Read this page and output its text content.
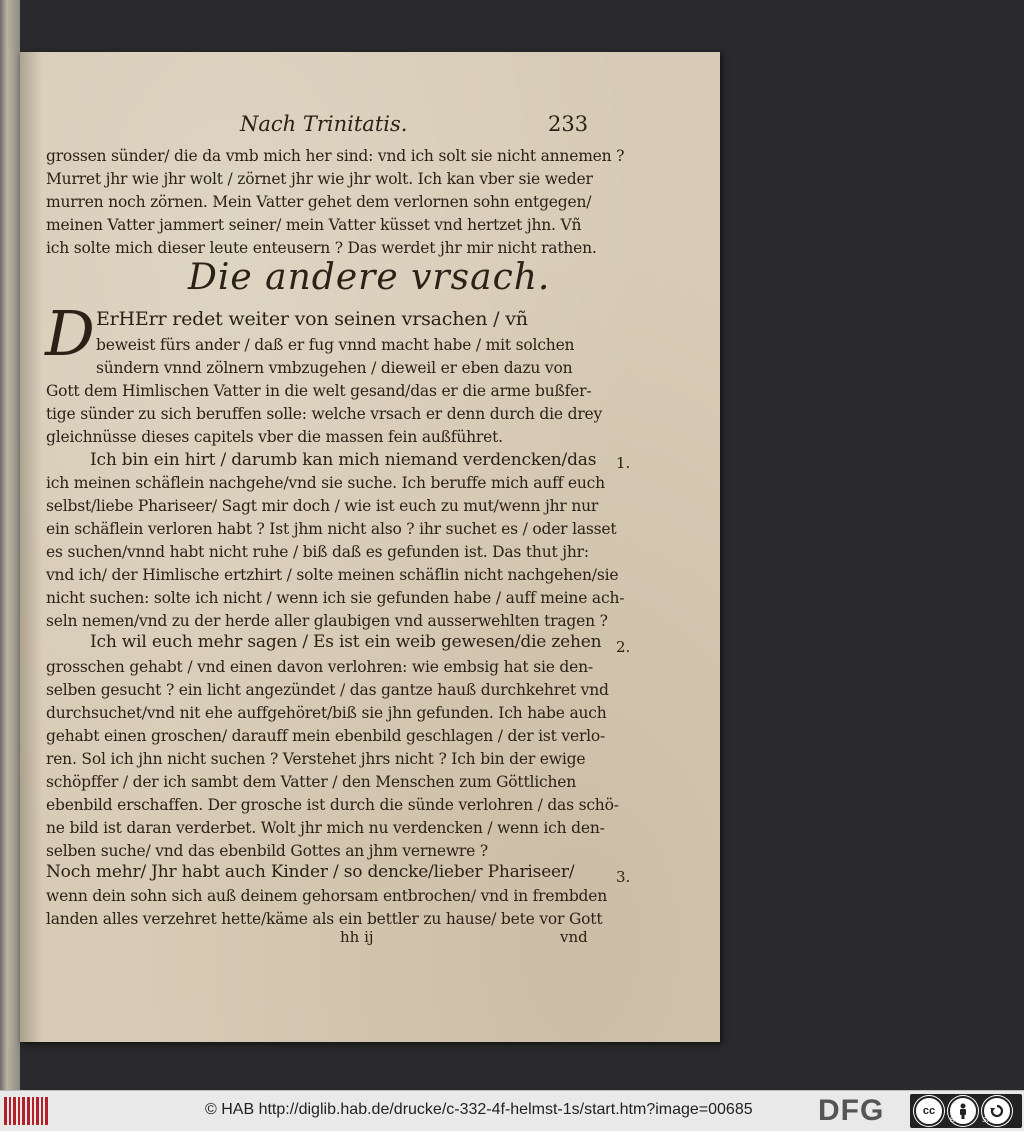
Nach Trinitatis.	233
grossen sünder/ die da vmb mich her sind: vnd ich solt sie nicht annemen ?
Murret jhr wie jhr wolt / zörnet jhr wie jhr wolt. Ich kan vber sie weder
murren noch zörnen. Mein Vatter gehet dem verlornen sohn entgegen/
meinen Vatter jammert seiner/ mein Vatter küsset vnd hertzet jhn. Vñ
ich solte mich dieser leute enteusern ? Das werdet jhr mir nicht rathen.
Die andere vrsach.
D ErHErr redet weiter von seinen vrsachen / vñ
beweist fürs ander / daß er fug vnnd macht habe / mit solchen
sündern vnnd zölnern vmbzugehen / dieweil er eben dazu von
Gott dem Himlischen Vatter in die welt gesand/das er die arme bußfer-
tige sünder zu sich beruffen solle: welche vrsach er denn durch die drey
gleichnüsse dieses capitels vber die massen fein außführet.
Ich bin ein hirt / darumb kan mich niemand verdencken/das
ich meinen schäflein nachgehe/vnd sie suche. Ich beruffe mich auff euch
selbst/liebe Phariseer/ Sagt mir doch / wie ist euch zu mut/wenn jhr nur
ein schäflein verloren habt ? Ist jhm nicht also ? ihr suchet es / oder lasset
es suchen/vnnd habt nicht ruhe / biß daß es gefunden ist. Das thut jhr:
vnd ich/ der Himlische ertzhirt / solte meinen schäflin nicht nachgehen/sie
nicht suchen: solte ich nicht / wenn ich sie gefunden habe / auff meine ach-
seln nemen/vnd zu der herde aller glaubigen vnd ausserwehlten tragen ?
Ich wil euch mehr sagen / Es ist ein weib gewesen/die zehen
grosschen gehabt / vnd einen davon verlohren: wie embsig hat sie den-
selben gesucht ? ein licht angezündet / das gantze hauß durchkehret vnd
durchsuchet/vnd nit ehe auffgehöret/biß sie jhn gefunden. Ich habe auch
gehabt einen groschen/ darauff mein ebenbild geschlagen / der ist verlo-
ren. Sol ich jhn nicht suchen ? Verstehet jhrs nicht ? Ich bin der ewige
schöpffer / der ich sambt dem Vatter / den Menschen zum Göttlichen
ebenbild erschaffen. Der grosche ist durch die sünde verlohren / das schö-
ne bild ist daran verderbet. Wolt jhr mich nu verdencken / wenn ich den-
selben suche/ vnd das ebenbild Gottes an jhm vernewre ?
Noch mehr/ Jhr habt auch Kinder / so dencke/lieber Phariseer/
wenn dein sohn sich auß deinem gehorsam entbrochen/ vnd in frembden
landen alles verzehret hette/käme als ein bettler zu hause/ bete vor Gott
1.
2.
3.
hh ij	vnd
© HAB http://diglib.hab.de/drucke/c-332-4f-helmst-1s/start.htm?image=00685 DFG	cc
BY	SA
